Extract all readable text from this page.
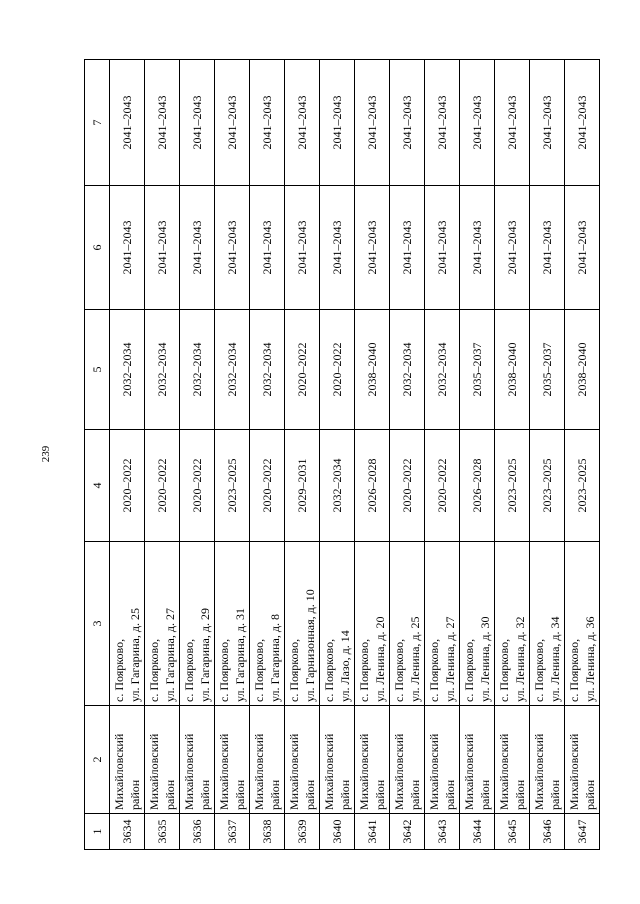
239
1	2	3	4	5	6	7
3634	Михайловский район	с. Поярково, ул. Гагарина, д. 25	2020–2022	2032–2034	2041–2043	2041–2043
3635	Михайловский район	с. Поярково, ул. Гагарина, д. 27	2020–2022	2032–2034	2041–2043	2041–2043
3636	Михайловский район	с. Поярково, ул. Гагарина, д. 29	2020–2022	2032–2034	2041–2043	2041–2043
3637	Михайловский район	с. Поярково, ул. Гагарина, д. 31	2023–2025	2032–2034	2041–2043	2041–2043
3638	Михайловский район	с. Поярково, ул. Гагарина, д. 8	2020–2022	2032–2034	2041–2043	2041–2043
3639	Михайловский район	с. Поярково, ул. Гарнизонная, д. 10	2029–2031	2020–2022	2041–2043	2041–2043
3640	Михайловский район	с. Поярково, ул. Лазо, д. 14	2032–2034	2020–2022	2041–2043	2041–2043
3641	Михайловский район	с. Поярково, ул. Ленина, д. 20	2026–2028	2038–2040	2041–2043	2041–2043
3642	Михайловский район	с. Поярково, ул. Ленина, д. 25	2020–2022	2032–2034	2041–2043	2041–2043
3643	Михайловский район	с. Поярково, ул. Ленина, д. 27	2020–2022	2032–2034	2041–2043	2041–2043
3644	Михайловский район	с. Поярково, ул. Ленина, д. 30	2026–2028	2035–2037	2041–2043	2041–2043
3645	Михайловский район	с. Поярково, ул. Ленина, д. 32	2023–2025	2038–2040	2041–2043	2041–2043
3646	Михайловский район	с. Поярково, ул. Ленина, д. 34	2023–2025	2035–2037	2041–2043	2041–2043
3647	Михайловский район	с. Поярково, ул. Ленина, д. 36	2023–2025	2038–2040	2041–2043	2041–2043
